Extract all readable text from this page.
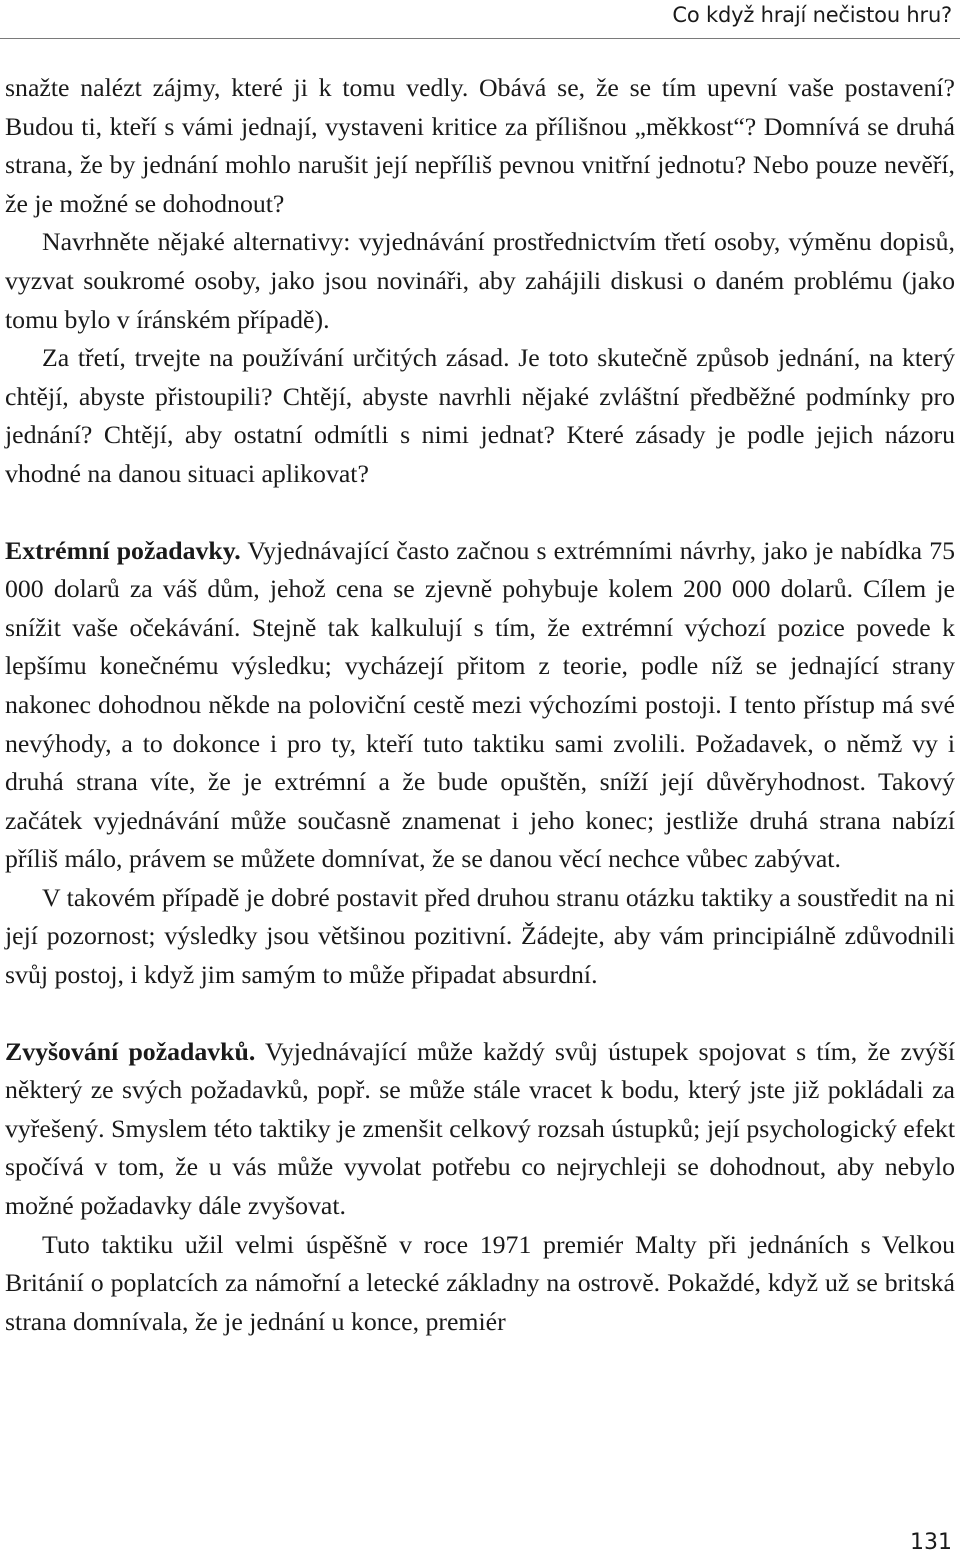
Co když hrají nečistou hru?

snažte nalézt zájmy, které ji k tomu vedly. Obává se, že se tím upevní vaše postavení? Budou ti, kteří s vámi jednají, vystaveni kritice za přílišnou „měkkost“? Domnívá se druhá strana, že by jednání mohlo narušit její nepříliš pevnou vnitřní jednotu? Nebo pouze nevěří, že je možné se dohodnout?

Navrhněte nějaké alternativy: vyjednávání prostřednictvím třetí osoby, výměnu dopisů, vyzvat soukromé osoby, jako jsou novináři, aby zahájili diskusi o daném problému (jako tomu bylo v íránském případě).

Za třetí, trvejte na používání určitých zásad. Je toto skutečně způsob jednání, na který chtějí, abyste přistoupili? Chtějí, abyste navrhli nějaké zvláštní předběžné podmínky pro jednání? Chtějí, aby ostatní odmítli s nimi jednat? Které zásady je podle jejich názoru vhodné na danou situaci aplikovat?

Extrémní požadavky. Vyjednávající často začnou s extrémními návrhy, jako je nabídka 75 000 dolarů za váš dům, jehož cena se zjevně pohybuje kolem 200 000 dolarů. Cílem je snížit vaše očekávání. Stejně tak kalkulují s tím, že extrémní výchozí pozice povede k lepšímu konečnému výsledku; vycházejí přitom z teorie, podle níž se jednající strany nakonec dohodnou někde na poloviční cestě mezi výchozími postoji. I tento přístup má své nevýhody, a to dokonce i pro ty, kteří tuto taktiku sami zvolili. Požadavek, o němž vy i druhá strana víte, že je extrémní a že bude opuštěn, sníží její důvěryhodnost. Takový začátek vyjednávání může současně znamenat i jeho konec; jestliže druhá strana nabízí příliš málo, právem se můžete domnívat, že se danou věcí nechce vůbec zabývat.

V takovém případě je dobré postavit před druhou stranu otázku taktiky a soustředit na ni její pozornost; výsledky jsou většinou pozitivní. Žádejte, aby vám principiálně zdůvodnili svůj postoj, i když jim samým to může připadat absurdní.

Zvyšování požadavků. Vyjednávající může každý svůj ústupek spojovat s tím, že zvýší některý ze svých požadavků, popř. se může stále vracet k bodu, který jste již pokládali za vyřešený. Smyslem této taktiky je zmenšit celkový rozsah ústupků; její psychologický efekt spočívá v tom, že u vás může vyvolat potřebu co nejrychleji se dohodnout, aby nebylo možné požadavky dále zvyšovat.

Tuto taktiku užil velmi úspěšně v roce 1971 premiér Malty při jednáních s Velkou Británií o poplatcích za námořní a letecké základny na ostrově. Pokaždé, když už se britská strana domnívala, že je jednání u konce, premiér

131
